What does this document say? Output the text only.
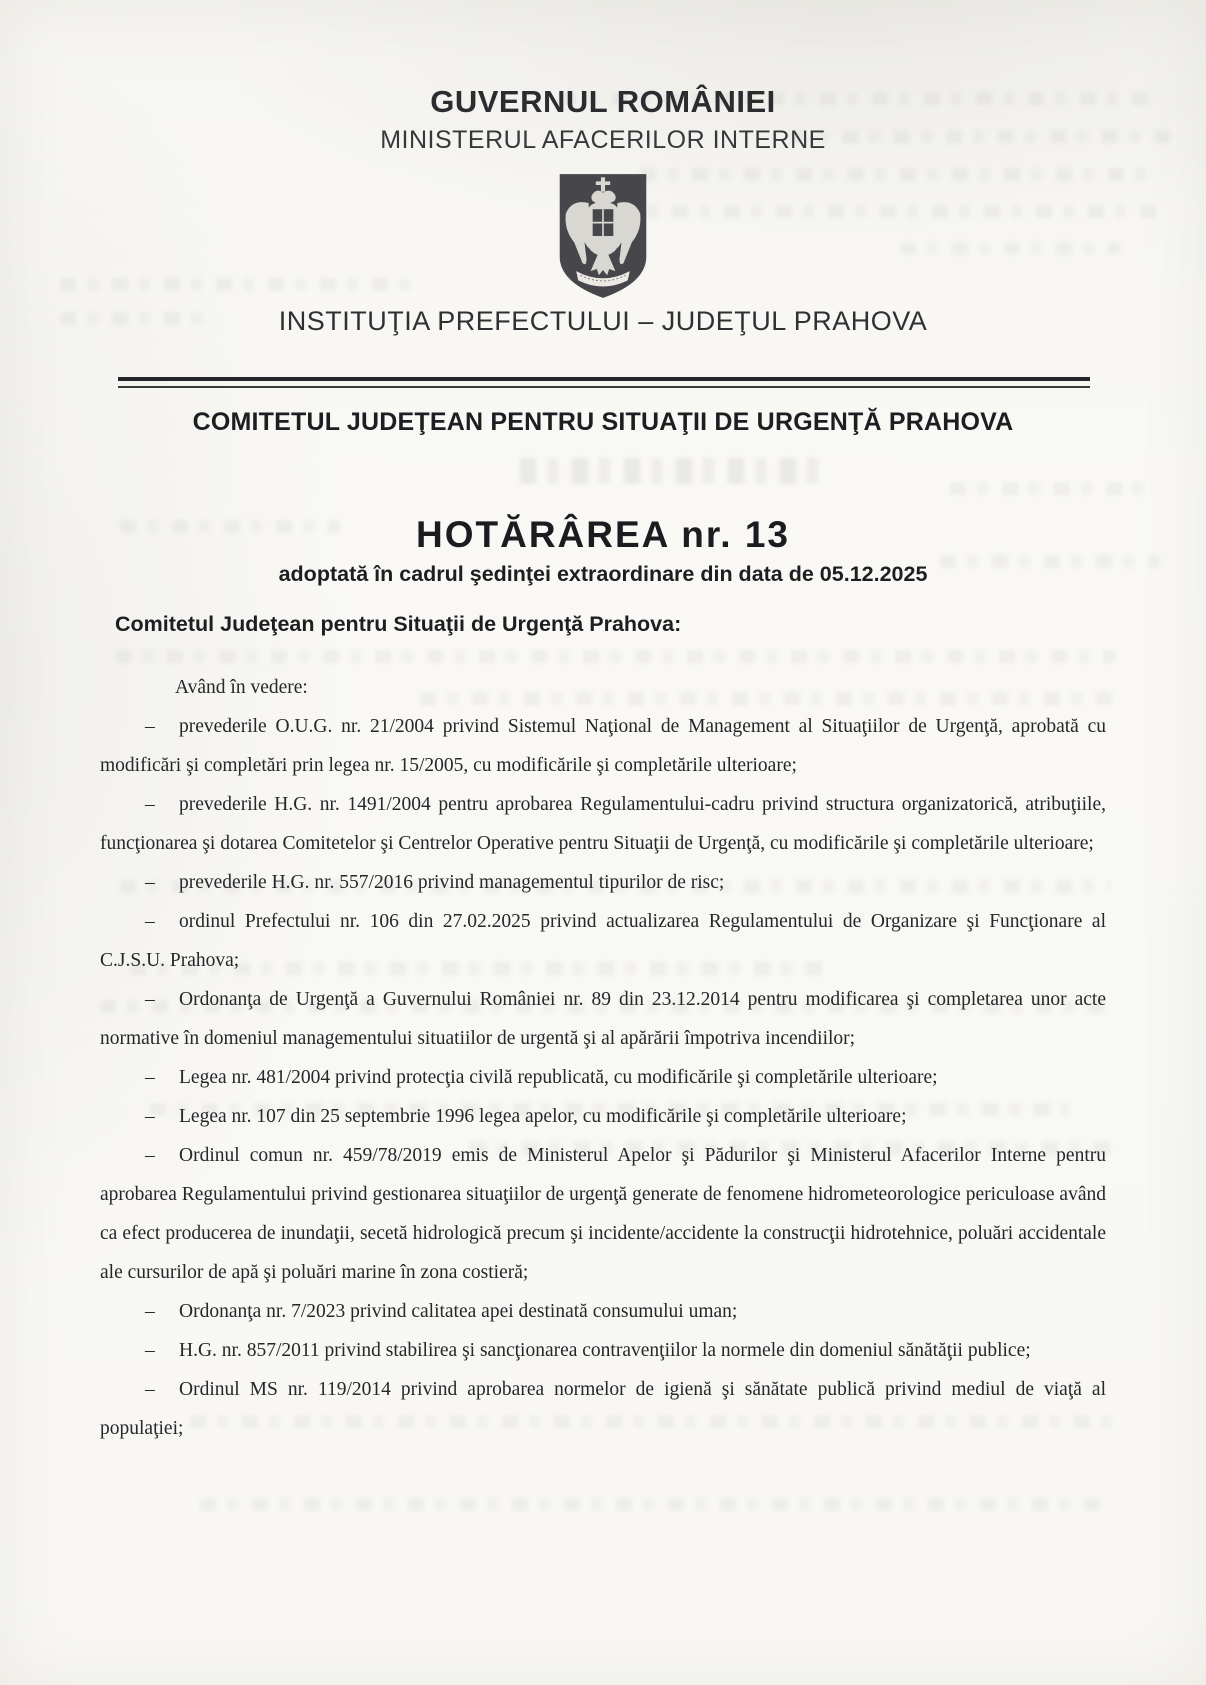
GUVERNUL ROMÂNIEI
MINISTERUL AFACERILOR INTERNE
INSTITUŢIA PREFECTULUI – JUDEŢUL PRAHOVA
COMITETUL JUDEŢEAN PENTRU SITUAŢII DE URGENŢĂ PRAHOVA
HOTĂRÂREA nr. 13
adoptată în cadrul şedinţei extraordinare din data de 05.12.2025
Comitetul Judeţean pentru Situaţii de Urgenţă Prahova:

Având în vedere:

– prevederile O.U.G. nr. 21/2004 privind Sistemul Naţional de Management al Situaţiilor de Urgenţă, aprobată cu modificări şi completări prin legea nr. 15/2005, cu modificările şi completările ulterioare;

– prevederile H.G. nr. 1491/2004 pentru aprobarea Regulamentului-cadru privind structura organizatorică, atribuţiile, funcţionarea şi dotarea Comitetelor şi Centrelor Operative pentru Situaţii de Urgenţă, cu modificările şi completările ulterioare;

– prevederile H.G. nr. 557/2016 privind managementul tipurilor de risc;

– ordinul Prefectului nr. 106 din 27.02.2025 privind actualizarea Regulamentului de Organizare şi Funcţionare al C.J.S.U. Prahova;

– Ordonanţa de Urgenţă a Guvernului României nr. 89 din 23.12.2014 pentru modificarea şi completarea unor acte normative în domeniul managementului situatiilor de urgentă şi al apărării împotriva incendiilor;

– Legea nr. 481/2004 privind protecţia civilă republicată, cu modificările şi completările ulterioare;

– Legea nr. 107 din 25 septembrie 1996 legea apelor, cu modificările şi completările ulterioare;

– Ordinul comun nr. 459/78/2019 emis de Ministerul Apelor şi Pădurilor şi Ministerul Afacerilor Interne pentru aprobarea Regulamentului privind gestionarea situaţiilor de urgenţă generate de fenomene hidrometeorologice periculoase având ca efect producerea de inundaţii, secetă hidrologică precum şi incidente/accidente la construcţii hidrotehnice, poluări accidentale ale cursurilor de apă şi poluări marine în zona costieră;

– Ordonanţa nr. 7/2023 privind calitatea apei destinată consumului uman;

– H.G. nr. 857/2011 privind stabilirea şi sancţionarea contravenţiilor la normele din domeniul sănătăţii publice;

– Ordinul MS nr. 119/2014 privind aprobarea normelor de igienă şi sănătate publică privind mediul de viaţă al populaţiei;
